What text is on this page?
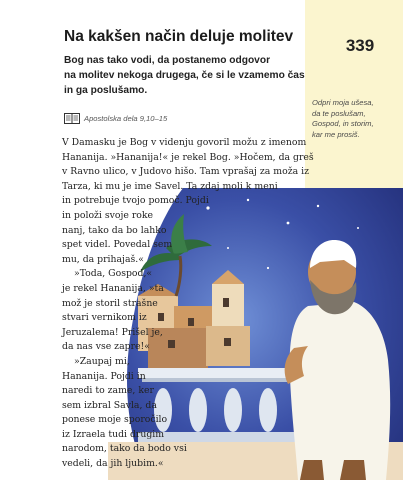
339
Odpri moja ušesa,
da te poslušam,
Gospod, in storim,
kar me prosiš.
Na kakšen način deluje molitev
Bog nas tako vodi, da postanemo odgovor
na molitev nekoga drugega, če si le vzamemo čas
in ga poslušamo.
Apostolska dela 9,10–15
V Damasku je Bog v videnju govoril možu z imenom
Hananija. »Hananija!« je rekel Bog. »Hočem, da greš
v Ravno ulico, v Judovo hišo. Tam vprašaj za moža iz
Tarza, ki mu je ime Savel. Ta zdaj moli k meni
in potrebuje tvojo pomoč. Pojdi
in položi svoje roke
nanj, tako da bo lahko
spet videl. Povedal sem
mu, da prihajaš.«
»Toda, Gospod,«
je rekel Hananija, »ta
mož je storil strašne
stvari vernikom iz
Jeruzalema! Prišel je,
da nas vse zapre!«
»Zaupaj mi,
Hananija. Pojdi in
naredi to zame, ker
sem izbral Savla, da
ponese moje sporočilo
iz Izraela tudi drugim
narodom, tako da bodo vsi
vedeli, da jih ljubim.«
